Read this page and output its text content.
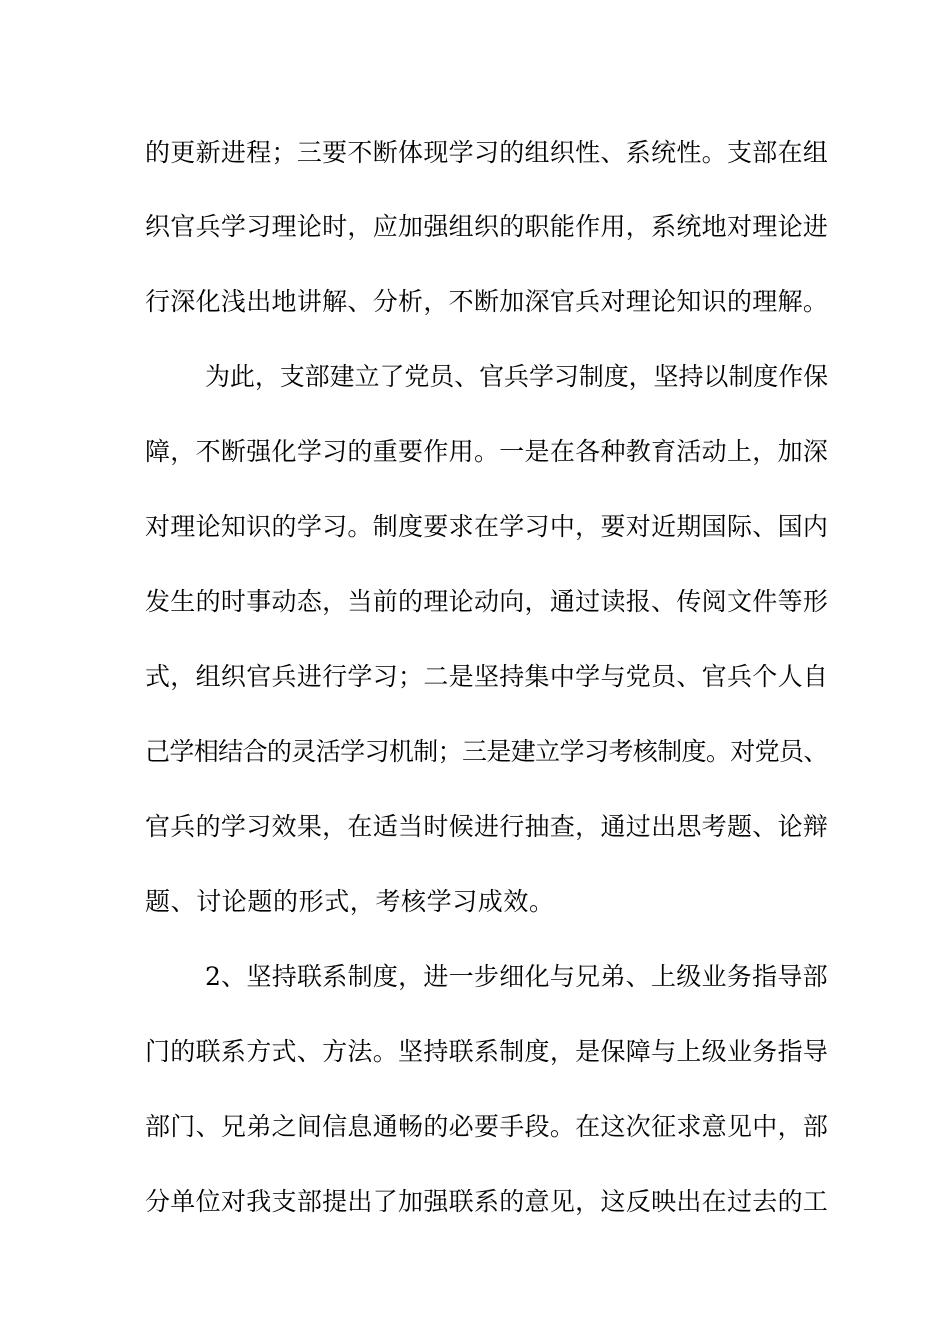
的更新进程；三要不断体现学习的组织性、系统性。支部在组

织官兵学习理论时，应加强组织的职能作用，系统地对理论进

行深化浅出地讲解、分析，不断加深官兵对理论知识的理解。

为此，支部建立了党员、官兵学习制度，坚持以制度作保

障，不断强化学习的重要作用。一是在各种教育活动上，加深

对理论知识的学习。制度要求在学习中，要对近期国际、国内

发生的时事动态，当前的理论动向，通过读报、传阅文件等形

式，组织官兵进行学习；二是坚持集中学与党员、官兵个人自

己学相结合的灵活学习机制；三是建立学习考核制度。对党员、

官兵的学习效果，在适当时候进行抽查，通过出思考题、论辩

题、讨论题的形式，考核学习成效。

2、坚持联系制度，进一步细化与兄弟、上级业务指导部

门的联系方式、方法。坚持联系制度，是保障与上级业务指导

部门、兄弟之间信息通畅的必要手段。在这次征求意见中，部

分单位对我支部提出了加强联系的意见，这反映出在过去的工
